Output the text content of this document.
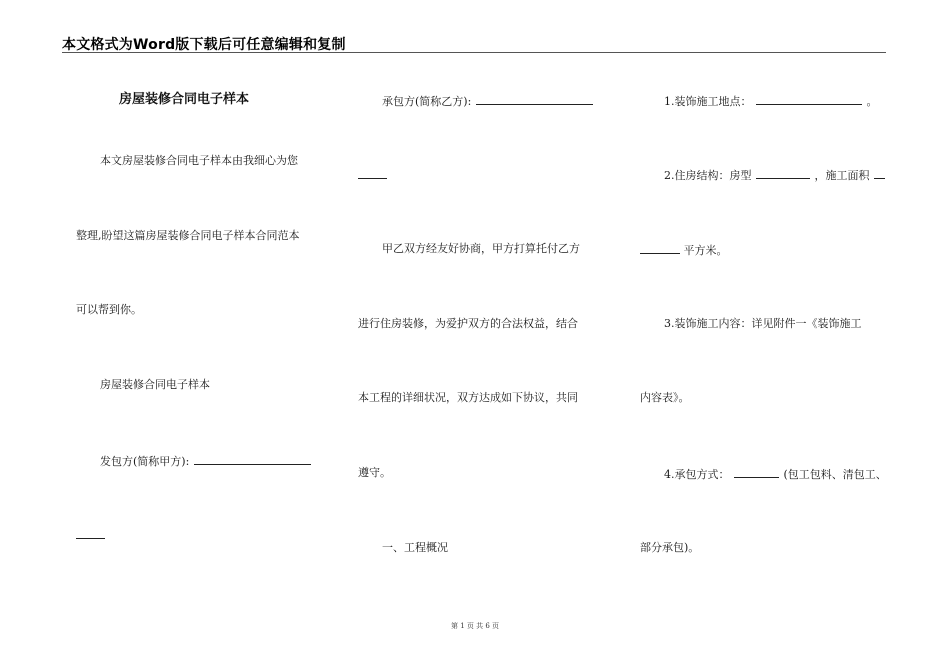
本文格式为Word版下载后可任意编辑和复制
房屋装修合同电子样本
本文房屋装修合同电子样本由我细心为您
整理,盼望这篇房屋装修合同电子样本合同范本
可以帮到你。
房屋装修合同电子样本
发包方(简称甲方):
承包方(简称乙方):
甲乙双方经友好协商，甲方打算托付乙方
进行住房装修，为爱护双方的合法权益，结合
本工程的详细状况，双方达成如下协议，共同
遵守。
一、工程概况
1.装饰施工地点：	。
2.住房结构：房型	，施工面积
平方米。
3.装饰施工内容：详见附件一《装饰施工
内容表》。
4.承包方式：	(包工包料、清包工、
部分承包)。
第 1 页 共 6 页
